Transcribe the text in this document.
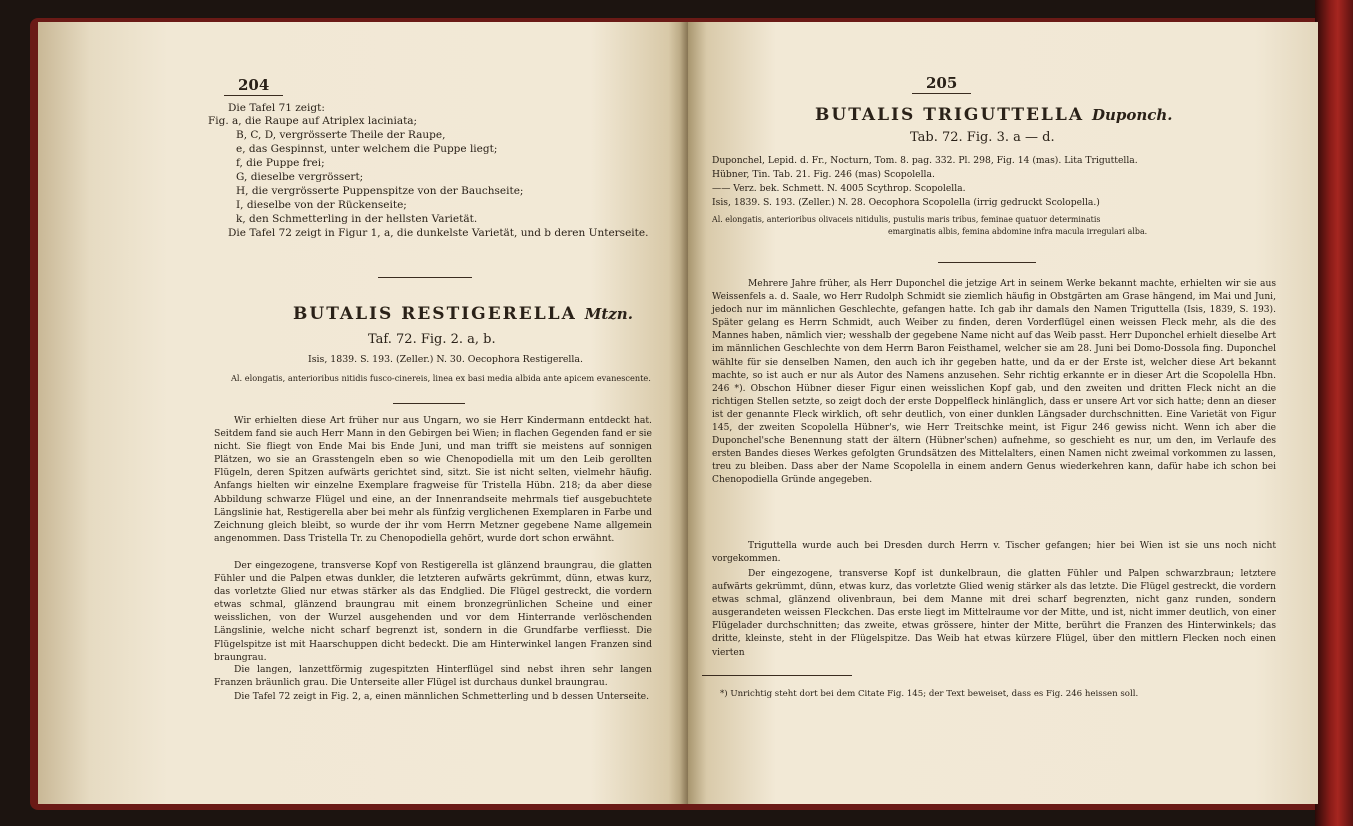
204
Die Tafel 71 zeigt:
Fig. a, die Raupe auf Atriplex laciniata;
B, C, D, vergrösserte Theile der Raupe,
e, das Gespinnst, unter welchem die Puppe liegt;
f, die Puppe frei;
G, dieselbe vergrössert;
H, die vergrösserte Puppenspitze von der Bauchseite;
I, dieselbe von der Rückenseite;
k, den Schmetterling in der hellsten Varietät.
Die Tafel 72 zeigt in Figur 1, a, die dunkelste Varietät, und b deren Unterseite.
BUTALIS RESTIGERELLA Mtzn.
Taf. 72. Fig. 2. a, b.
Isis, 1839. S. 193. (Zeller.) N. 30. Oecophora Restigerella.
Al. elongatis, anterioribus nitidis fusco-cinereis, linea ex basi media albida ante apicem evanescente.
Wir erhielten diese Art früher nur aus Ungarn, wo sie Herr Kindermann entdeckt hat. Seitdem fand sie auch Herr Mann in den Gebirgen bei Wien; in flachen Gegenden fand er sie nicht. Sie fliegt von Ende Mai bis Ende Juni, und man trifft sie meistens auf sonnigen Plätzen, wo sie an Grasstengeln eben so wie Chenopodiella mit um den Leib gerollten Flügeln, deren Spitzen aufwärts gerichtet sind, sitzt. Sie ist nicht selten, vielmehr häufig. Anfangs hielten wir einzelne Exemplare fragweise für Tristella Hübn. 218; da aber diese Abbildung schwarze Flügel und eine, an der Innenrandseite mehrmals tief ausgebuchtete Längslinie hat, Restigerella aber bei mehr als fünfzig verglichenen Exemplaren in Farbe und Zeichnung gleich bleibt, so wurde der ihr vom Herrn Metzner gegebene Name allgemein angenommen. Dass Tristella Tr. zu Chenopodiella gehört, wurde dort schon erwähnt.
Der eingezogene, transverse Kopf von Restigerella ist glänzend braungrau, die glatten Fühler und die Palpen etwas dunkler, die letzteren aufwärts gekrümmt, dünn, etwas kurz, das vorletzte Glied nur etwas stärker als das Endglied. Die Flügel gestreckt, die vordern etwas schmal, glänzend braungrau mit einem bronzegrünlichen Scheine und einer weisslichen, von der Wurzel ausgehenden und vor dem Hinterrande verlöschenden Längslinie, welche nicht scharf begrenzt ist, sondern in die Grundfarbe verfliesst. Die Flügelspitze ist mit Haarschuppen dicht bedeckt. Die am Hinterwinkel langen Franzen sind braungrau.
Die langen, lanzettförmig zugespitzten Hinterflügel sind nebst ihren sehr langen Franzen bräunlich grau. Die Unterseite aller Flügel ist durchaus dunkel braungrau.
Die Tafel 72 zeigt in Fig. 2, a, einen männlichen Schmetterling und b dessen Unterseite.
205
BUTALIS TRIGUTTELLA Duponch.
Tab. 72. Fig. 3. a — d.
Duponchel, Lepid. d. Fr., Nocturn, Tom. 8. pag. 332. Pl. 298, Fig. 14 (mas). Lita Triguttella.
Hübner, Tin. Tab. 21. Fig. 246 (mas) Scopolella.
—— Verz. bek. Schmett. N. 4005 Scythrop. Scopolella.
Isis, 1839. S. 193. (Zeller.) N. 28. Oecophora Scopolella (irrig gedruckt Scolopella.)
Al. elongatis, anterioribus olivaceis nitidulis, pustulis maris tribus, feminae quatuor determinatis
emarginatis albis, femina abdomine infra macula irregulari alba.
Mehrere Jahre früher, als Herr Duponchel die jetzige Art in seinem Werke bekannt machte, erhielten wir sie aus Weissenfels a. d. Saale, wo Herr Rudolph Schmidt sie ziemlich häufig in Obstgärten am Grase hängend, im Mai und Juni, jedoch nur im männlichen Geschlechte, gefangen hatte. Ich gab ihr damals den Namen Triguttella (Isis, 1839, S. 193). Später gelang es Herrn Schmidt, auch Weiber zu finden, deren Vorderflügel einen weissen Fleck mehr, als die des Mannes haben, nämlich vier; wesshalb der gegebene Name nicht auf das Weib passt. Herr Duponchel erhielt dieselbe Art im männlichen Geschlechte von dem Herrn Baron Feisthamel, welcher sie am 28. Juni bei Domo-Dossola fing. Duponchel wählte für sie denselben Namen, den auch ich ihr gegeben hatte, und da er der Erste ist, welcher diese Art bekannt machte, so ist auch er nur als Autor des Namens anzusehen. Sehr richtig erkannte er in dieser Art die Scopolella Hbn. 246 *). Obschon Hübner dieser Figur einen weisslichen Kopf gab, und den zweiten und dritten Fleck nicht an die richtigen Stellen setzte, so zeigt doch der erste Doppelfleck hinlänglich, dass er unsere Art vor sich hatte; denn an dieser ist der genannte Fleck wirklich, oft sehr deutlich, von einer dunklen Längsader durchschnitten. Eine Varietät von Figur 145, der zweiten Scopolella Hübner's, wie Herr Treitschke meint, ist Figur 246 gewiss nicht. Wenn ich aber die Duponchel'sche Benennung statt der ältern (Hübner'schen) aufnehme, so geschieht es nur, um den, im Verlaufe des ersten Bandes dieses Werkes gefolgten Grundsätzen des Mittelalters, einen Namen nicht zweimal vorkommen zu lassen, treu zu bleiben. Dass aber der Name Scopolella in einem andern Genus wiederkehren kann, dafür habe ich schon bei Chenopodiella Gründe angegeben.
Triguttella wurde auch bei Dresden durch Herrn v. Tischer gefangen; hier bei Wien ist sie uns noch nicht vorgekommen.
Der eingezogene, transverse Kopf ist dunkelbraun, die glatten Fühler und Palpen schwarzbraun; letztere aufwärts gekrümmt, dünn, etwas kurz, das vorletzte Glied wenig stärker als das letzte. Die Flügel gestreckt, die vordern etwas schmal, glänzend olivenbraun, bei dem Manne mit drei scharf begrenzten, nicht ganz runden, sondern ausgerandeten weissen Fleckchen. Das erste liegt im Mittelraume vor der Mitte, und ist, nicht immer deutlich, von einer Flügelader durchschnitten; das zweite, etwas grössere, hinter der Mitte, berührt die Franzen des Hinterwinkels; das dritte, kleinste, steht in der Flügelspitze. Das Weib hat etwas kürzere Flügel, über den mittlern Flecken noch einen vierten
*) Unrichtig steht dort bei dem Citate Fig. 145; der Text beweiset, dass es Fig. 246 heissen soll.
